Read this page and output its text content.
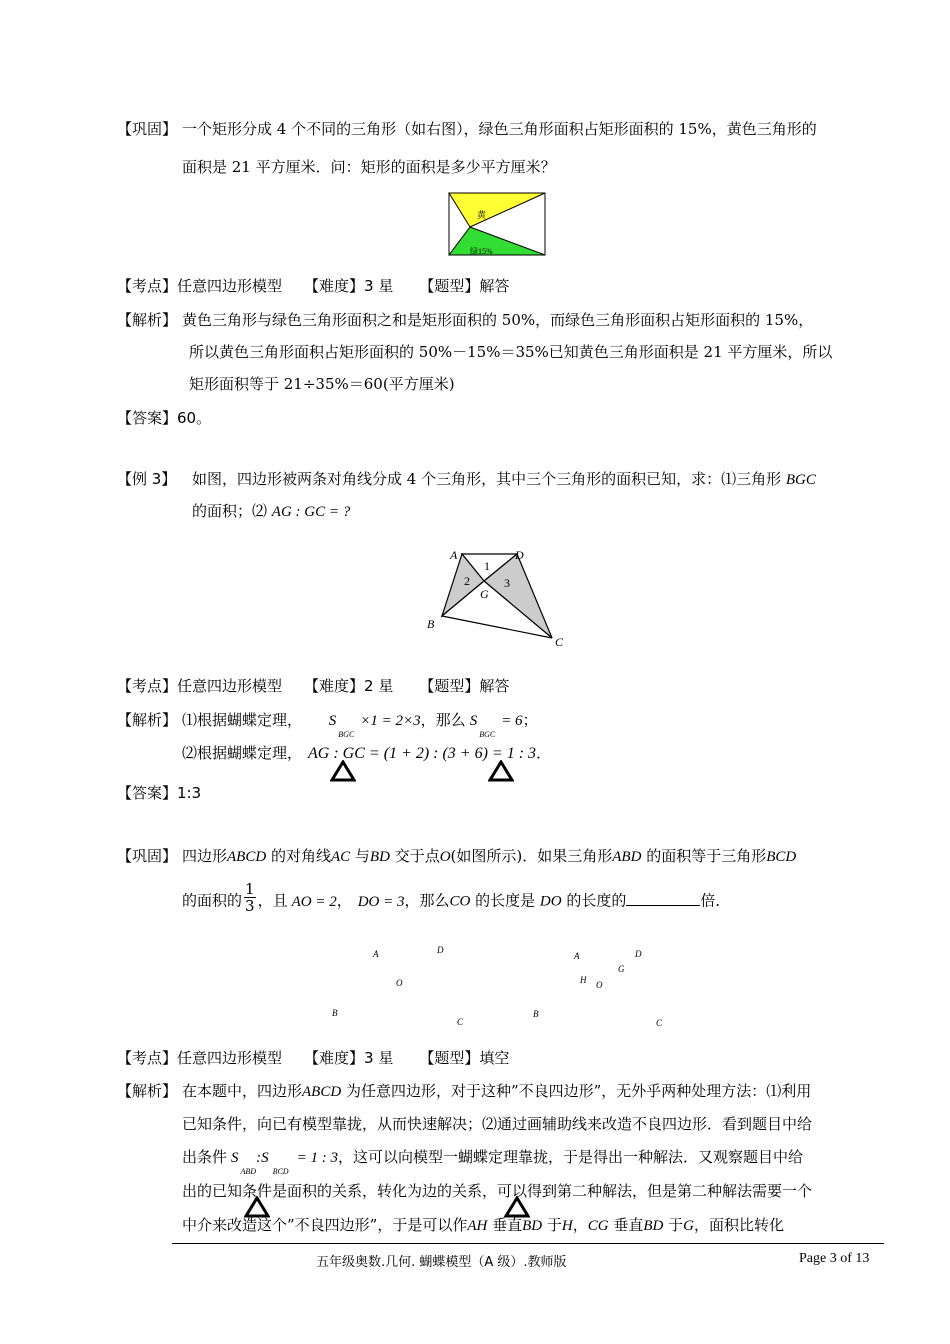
【巩固】 一个矩形分成 4 个不同的三角形（如右图），绿色三角形面积占矩形面积的 15%，黄色三角形的
面积是 21 平方厘米．问：矩形的面积是多少平方厘米？
黄
绿15%
【考点】任意四边形模型 【难度】3 星 【题型】解答
【解析】 黄色三角形与绿色三角形面积之和是矩形面积的 50%，而绿色三角形面积占矩形面积的 15%，
所以黄色三角形面积占矩形面积的 50%－15%＝35%已知黄色三角形面积是 21 平方厘米，所以
矩形面积等于 21÷35%＝60(平方厘米)
【答案】60。
【例 3】 如图，四边形被两条对角线分成 4 个三角形，其中三个三角形的面积已知，求：⑴三角形 BGC
的面积；⑵ AG : GC = ?
A	D
B
C
G
1
2	3
【考点】任意四边形模型 【难度】2 星 【题型】解答
【解析】 ⑴根据蝴蝶定理， $S_{BGC}\times 1 = 2\times 3$，那么 $S_{BGC}= 6$；
⑵根据蝴蝶定理， AG : GC = (1 + 2) : (3 + 6) = 1 : 3．
【答案】1:3
【巩固】 四边形ABCD 的对角线AC 与BD 交于点O(如图所示)．如果三角形ABD 的面积等于三角形BCD
的面积的 $\frac{1}{3}$ ，且 AO = 2， DO = 3，那么CO 的长度是 DO 的长度的	倍．
A	D
O
B
C
A	D
G
H O
B
C
【考点】任意四边形模型 【难度】3 星 【题型】填空
【解析】 在本题中，四边形ABCD 为任意四边形，对于这种”不良四边形”，无外乎两种处理方法：⑴利用
已知条件，向已有模型靠拢，从而快速解决；⑵通过画辅助线来改造不良四边形．看到题目中给
出条件 $S_{ABD}:S_{BCD}= 1$ : 3，这可以向模型一蝴蝶定理靠拢，于是得出一种解法．又观察题目中给
出的已知条件是面积的关系，转化为边的关系，可以得到第二种解法，但是第二种解法需要一个
中介来改造这个”不良四边形”，于是可以作AH 垂直BD 于H，CG 垂直BD 于G，面积比转化
五年级奥数.几何. 蝴蝶模型（A 级）.教师版	Page 3 of 13
